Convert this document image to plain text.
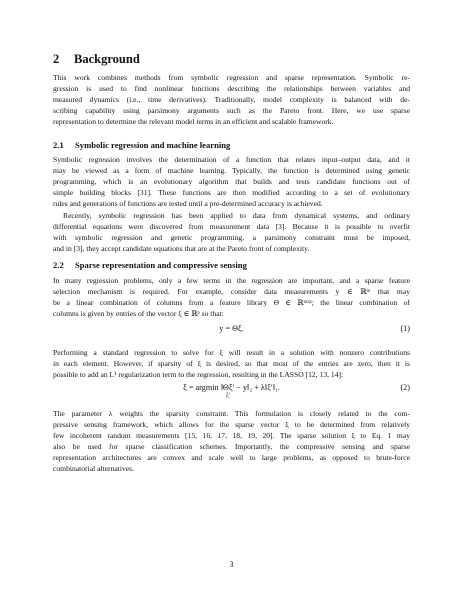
2 Background
This work combines methods from symbolic regression and sparse representation. Symbolic re-
gression is used to find nonlinear functions describing the relationships between variables and
measured dynamics (i.e., time derivatives). Traditionally, model complexity is balanced with de-
scribing capability using parsimony arguments such as the Pareto front. Here, we use sparse
representation to determine the relevant model terms in an efficient and scalable framework.
2.1 Symbolic regression and machine learning
Symbolic regression involves the determination of a function that relates input–output data, and it
may be viewed as a form of machine learning. Typically, the function is determined using genetic
programming, which is an evolutionary algorithm that builds and tests candidate functions out of
simple building blocks [31]. These functions are then modified according to a set of evolutionary
rules and generations of functions are tested until a pre-determined accuracy is achieved.
Recently, symbolic regression has been applied to data from dynamical systems, and ordinary
differential equations were discovered from measurement data [3]. Because it is possible to overfit
with symbolic regression and genetic programming, a parsimony constraint must be imposed,
and in [3], they accept candidate equations that are at the Pareto front of complexity.
2.2 Sparse representation and compressive sensing
In many regression problems, only a few terms in the regression are important, and a sparse feature
selection mechanism is required. For example, consider data measurements y ∈ ℝᵐ that may
be a linear combination of columns from a feature library Θ ∈ ℝᵐˣᵖ; the linear combination of
columns is given by entries of the vector ξ ∈ ℝᵖ so that:
y = Θξ.	(1)
Performing a standard regression to solve for ξ will result in a solution with nonzero contributions
in each element. However, if sparsity of ξ is desired, so that most of the entries are zero, then it is
possible to add an L¹ regularization term to the regression, resulting in the LASSO [12, 13, 14]:
ξ = argmin ‖Θξ′ − y‖₂ + λ‖ξ′‖₁.
ξ′
(2)
The parameter λ weights the sparsity constraint. This formulation is closely related to the com-
pressive sensing framework, which allows for the sparse vector ξ to be determined from relatively
few incoherent random measurements [15, 16, 17, 18, 19, 20]. The sparse solution ξ to Eq. 1 may
also be used for sparse classification schemes. Importantly, the compressive sensing and sparse
representation architectures are convex and scale well to large problems, as opposed to brute-force
combinatorial alternatives.
3
